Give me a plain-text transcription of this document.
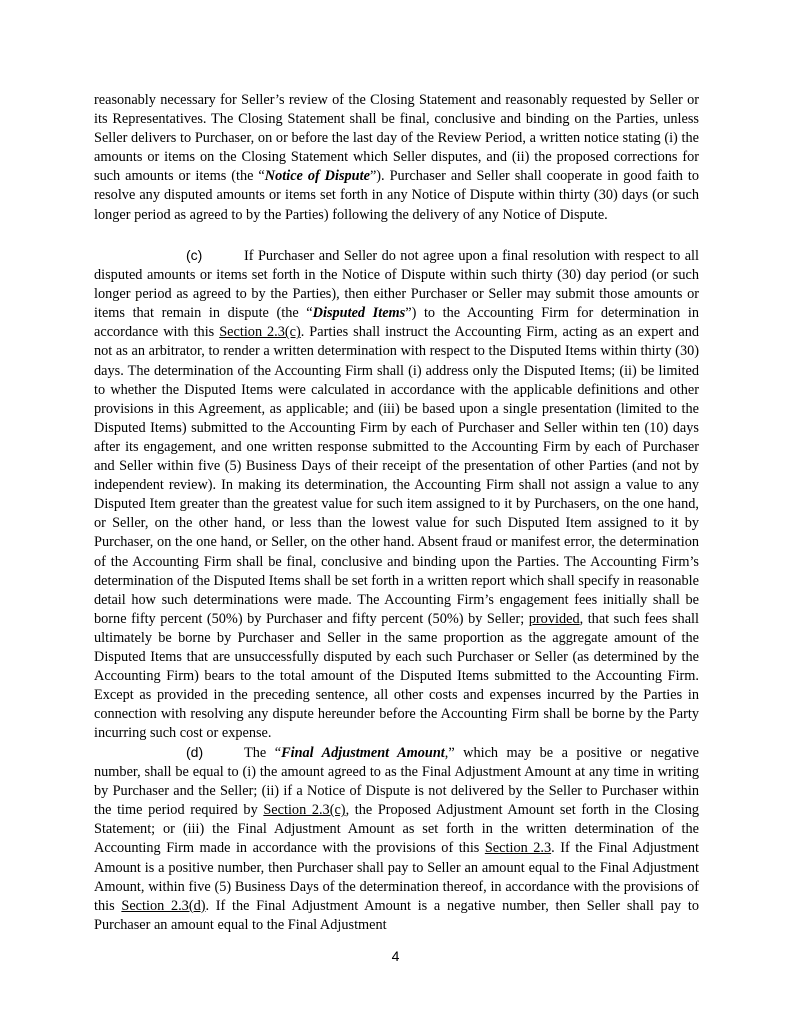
reasonably necessary for Seller’s review of the Closing Statement and reasonably requested by Seller or its Representatives. The Closing Statement shall be final, conclusive and binding on the Parties, unless Seller delivers to Purchaser, on or before the last day of the Review Period, a written notice stating (i) the amounts or items on the Closing Statement which Seller disputes, and (ii) the proposed corrections for such amounts or items (the “Notice of Dispute”). Purchaser and Seller shall cooperate in good faith to resolve any disputed amounts or items set forth in any Notice of Dispute within thirty (30) days (or such longer period as agreed to by the Parties) following the delivery of any Notice of Dispute.
(c)	If Purchaser and Seller do not agree upon a final resolution with respect to all disputed amounts or items set forth in the Notice of Dispute within such thirty (30) day period (or such longer period as agreed to by the Parties), then either Purchaser or Seller may submit those amounts or items that remain in dispute (the “Disputed Items”) to the Accounting Firm for determination in accordance with this Section 2.3(c). Parties shall instruct the Accounting Firm, acting as an expert and not as an arbitrator, to render a written determination with respect to the Disputed Items within thirty (30) days. The determination of the Accounting Firm shall (i) address only the Disputed Items; (ii) be limited to whether the Disputed Items were calculated in accordance with the applicable definitions and other provisions in this Agreement, as applicable; and (iii) be based upon a single presentation (limited to the Disputed Items) submitted to the Accounting Firm by each of Purchaser and Seller within ten (10) days after its engagement, and one written response submitted to the Accounting Firm by each of Purchaser and Seller within five (5) Business Days of their receipt of the presentation of other Parties (and not by independent review). In making its determination, the Accounting Firm shall not assign a value to any Disputed Item greater than the greatest value for such item assigned to it by Purchasers, on the one hand, or Seller, on the other hand, or less than the lowest value for such Disputed Item assigned to it by Purchaser, on the one hand, or Seller, on the other hand. Absent fraud or manifest error, the determination of the Accounting Firm shall be final, conclusive and binding upon the Parties. The Accounting Firm’s determination of the Disputed Items shall be set forth in a written report which shall specify in reasonable detail how such determinations were made. The Accounting Firm’s engagement fees initially shall be borne fifty percent (50%) by Purchaser and fifty percent (50%) by Seller; provided, that such fees shall ultimately be borne by Purchaser and Seller in the same proportion as the aggregate amount of the Disputed Items that are unsuccessfully disputed by each such Purchaser or Seller (as determined by the Accounting Firm) bears to the total amount of the Disputed Items submitted to the Accounting Firm. Except as provided in the preceding sentence, all other costs and expenses incurred by the Parties in connection with resolving any dispute hereunder before the Accounting Firm shall be borne by the Party incurring such cost or expense.
(d)	The “Final Adjustment Amount,” which may be a positive or negative number, shall be equal to (i) the amount agreed to as the Final Adjustment Amount at any time in writing by Purchaser and the Seller; (ii) if a Notice of Dispute is not delivered by the Seller to Purchaser within the time period required by Section 2.3(c), the Proposed Adjustment Amount set forth in the Closing Statement; or (iii) the Final Adjustment Amount as set forth in the written determination of the Accounting Firm made in accordance with the provisions of this Section 2.3. If the Final Adjustment Amount is a positive number, then Purchaser shall pay to Seller an amount equal to the Final Adjustment Amount, within five (5) Business Days of the determination thereof, in accordance with the provisions of this Section 2.3(d). If the Final Adjustment Amount is a negative number, then Seller shall pay to Purchaser an amount equal to the Final Adjustment
4
